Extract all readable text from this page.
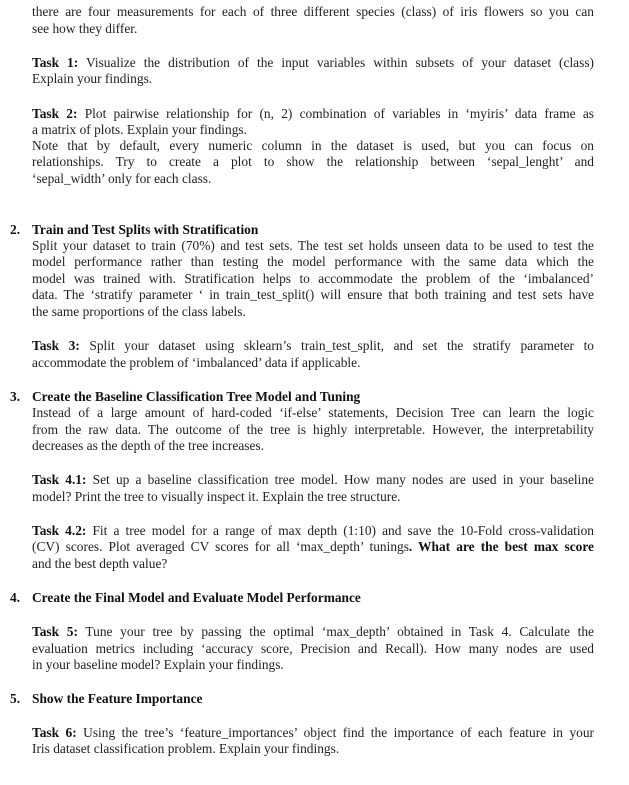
there are four measurements for each of three different species (class) of iris flowers so you can
see how they differ.
Task 1: Visualize the distribution of the input variables within subsets of your dataset (class)
Explain your findings.
Task 2: Plot pairwise relationship for (n, 2) combination of variables in ‘myiris’ data frame as
a matrix of plots. Explain your findings.
Note that by default, every numeric column in the dataset is used, but you can focus on
relationships. Try to create a plot to show the relationship between ‘sepal_lenght’ and
‘sepal_width’ only for each class.
2. Train and Test Splits with Stratification
Split your dataset to train (70%) and test sets. The test set holds unseen data to be used to test the
model performance rather than testing the model performance with the same data which the
model was trained with. Stratification helps to accommodate the problem of the ‘imbalanced’
data. The ‘stratify parameter ‘ in train_test_split() will ensure that both training and test sets have
the same proportions of the class labels.
Task 3: Split your dataset using sklearn’s train_test_split, and set the stratify parameter to
accommodate the problem of ‘imbalanced’ data if applicable.
3. Create the Baseline Classification Tree Model and Tuning
Instead of a large amount of hard-coded ‘if-else’ statements, Decision Tree can learn the logic
from the raw data. The outcome of the tree is highly interpretable. However, the interpretability
decreases as the depth of the tree increases.
Task 4.1: Set up a baseline classification tree model. How many nodes are used in your baseline
model? Print the tree to visually inspect it. Explain the tree structure.
Task 4.2: Fit a tree model for a range of max depth (1:10) and save the 10-Fold cross-validation
(CV) scores. Plot averaged CV scores for all ‘max_depth’ tunings. What are the best max score
and the best depth value?
4. Create the Final Model and Evaluate Model Performance
Task 5: Tune your tree by passing the optimal ‘max_depth’ obtained in Task 4. Calculate the
evaluation metrics including ‘accuracy score, Precision and Recall). How many nodes are used
in your baseline model? Explain your findings.
5. Show the Feature Importance
Task 6: Using the tree’s ‘feature_importances’ object find the importance of each feature in your
Iris dataset classification problem. Explain your findings.
